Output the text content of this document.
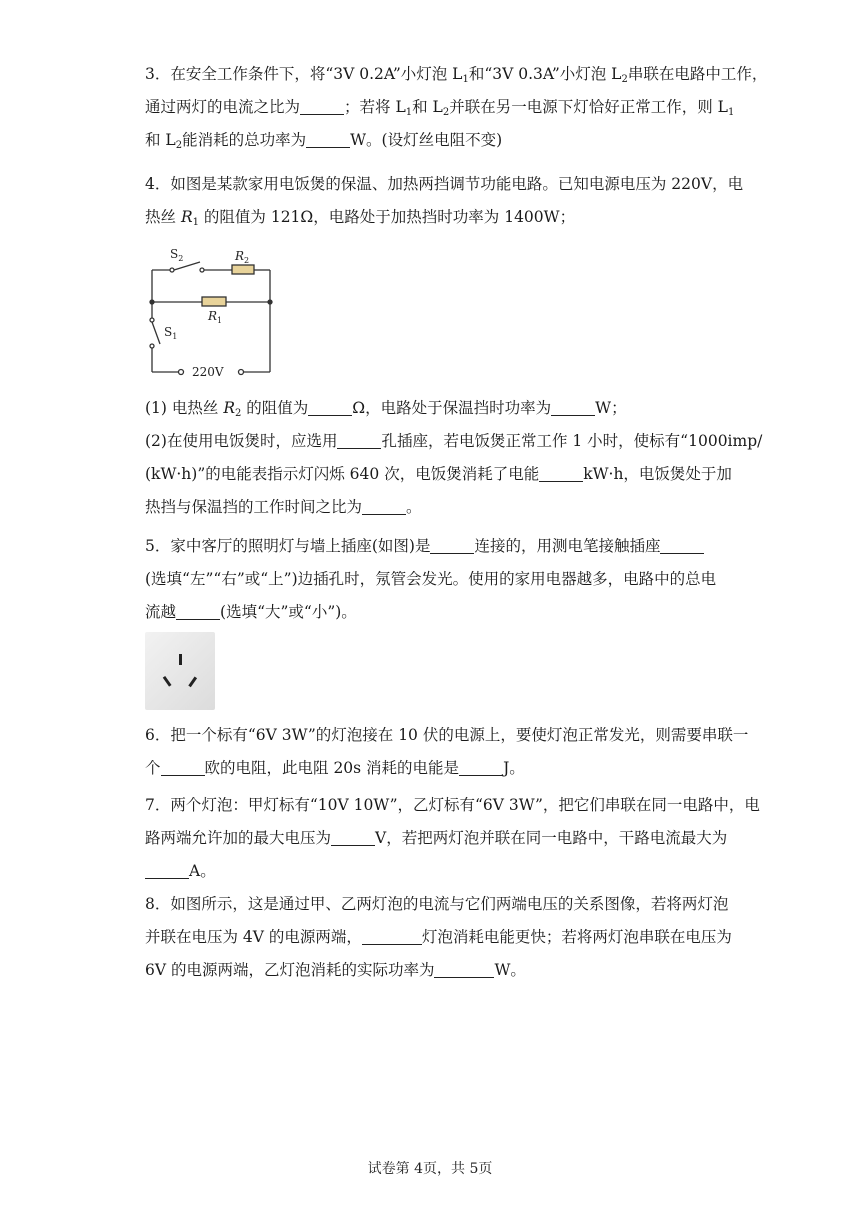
3．在安全工作条件下，将“3V 0.2A”小灯泡 $L_1$和“3V 0.3A”小灯泡 $L_2$串联在电路中工作，
通过两灯的电流之比为	；若将 $L_1$和 $L_2$并联在另一电源下灯恰好正常工作，则 $L_1$
和 $L_2$能消耗的总功率为	W。(设灯丝电阻不变)
4．如图是某款家用电饭煲的保温、加热两挡调节功能电路。已知电源电压为 220V，电
热丝 $R_1$ 的阻值为 121Ω，电路处于加热挡时功率为 1400W；
$S_2$	$R_2$
$R_1$
$S_1$
220V
(1) 电热丝 $R_2$ 的阻值为	Ω，电路处于保温挡时功率为	W；
(2)在使用电饭煲时，应选用	孔插座，若电饭煲正常工作 1 小时，使标有“1000imp/
(kW·h)”的电能表指示灯闪烁 640 次，电饭煲消耗了电能	kW·h，电饭煲处于加
热挡与保温挡的工作时间之比为	。
5．家中客厅的照明灯与墙上插座(如图)是	连接的，用测电笔接触插座
(选填“左”“右”或“上”)边插孔时，氖管会发光。使用的家用电器越多，电路中的总电
流越	(选填“大”或“小”)。
6．把一个标有“6V 3W”的灯泡接在 10 伏的电源上，要使灯泡正常发光，则需要串联一
个	欧的电阻，此电阻 20s 消耗的电能是	J。
7．两个灯泡：甲灯标有“10V 10W”，乙灯标有“6V 3W”，把它们串联在同一电路中，电
路两端允许加的最大电压为	V，若把两灯泡并联在同一电路中，干路电流最大为
A。
8．如图所示，这是通过甲、乙两灯泡的电流与它们两端电压的关系图像，若将两灯泡
并联在电压为 4V 的电源两端，	灯泡消耗电能更快；若将两灯泡串联在电压为
6V 的电源两端，乙灯泡消耗的实际功率为	W。
试卷第 4页，共 5页
